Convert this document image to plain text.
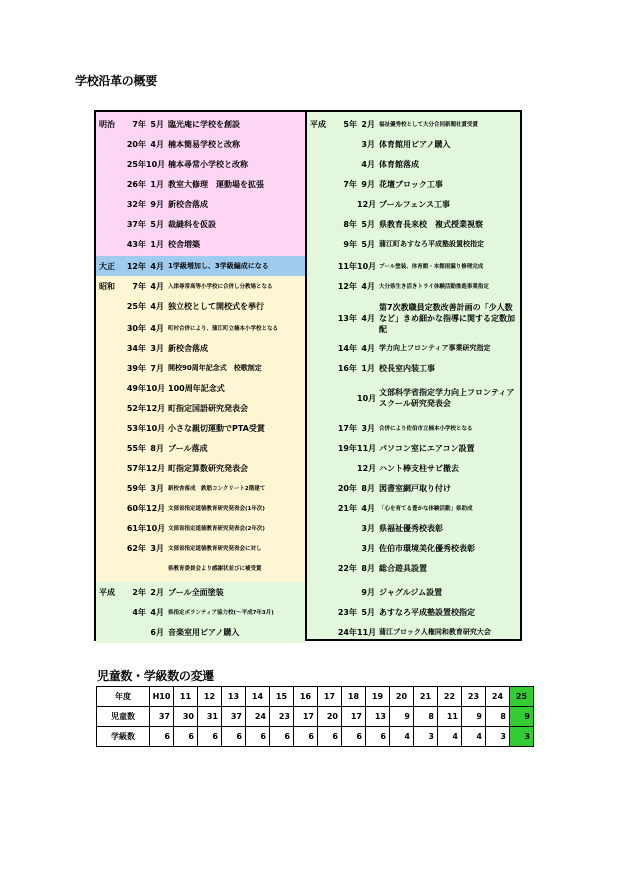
学校沿革の概要
明治	7年 5月 臨光庵に学校を創設
20年 4月 楠本簡易学校と改称
25年 10月 楠本尋常小学校と改称
26年 1月 教室大修理　運動場を拡張
32年 9月 新校舎落成
37年 5月 裁縫科を仮設
43年 1月 校舎増築
大正	12年 4月 1学級増加し、3学級編成になる
昭和	7年 4月 入津尋常高等小学校に合併し分教場となる
25年 4月 独立校として開校式を挙行
30年 4月 町村合併により、蒲江町立楠本小学校となる
34年 3月 新校舎落成
39年 7月 開校90周年記念式　校歌制定
49年 10月 100周年記念式
52年 12月 町指定国語研究発表会
53年 10月 小さな親切運動でPTA受賞
55年 8月 プール落成
57年 12月 町指定算数研究発表会
59年 3月 新校舎落成　鉄筋コンクリート2階建て
60年 12月 文部省指定道徳教育研究発表会(1年次)
61年 10月 文部省指定道徳教育研究発表会(2年次)
62年 3月 文部省指定道徳教育研究発表会に対し
県教育委員会より感謝状並びに補受賞
平成	2年 2月 プール全面塗装
4年 4月 県指定ボランティア協力校(～平成7年3月)
6月 音楽室用ピアノ購入
平成	5年 2月 福祉優秀校として大分合同新聞社賞受賞
3月 体育館用ピアノ購入
4月 体育館落成
7年 9月 花壇ブロック工事
12月 プールフェンス工事
8年 5月 県教育長来校　複式授業視察
9年 5月 蒲江町あすなろ平成塾設置校指定
11年 10月 プール塗装、体育館・本館雨漏り修理完成
12年 4月 大分県生き活きトライ体験活動推進事業指定
13年 4月
第7次教職員定数改善計画の「少人数など」きめ細かな指導に関する定数加配
14年 4月 学力向上フロンティア事業研究指定
16年 1月 校長室内装工事
10月
文部科学省指定学力向上フロンティアスクール研究発表会
17年 3月 合併により佐伯市立楠本小学校となる
19年 11月 パソコン室にエアコン設置
12月 ハント棒支柱サビ撤去
20年 8月 図書室網戸取り付け
21年 4月 「心を育てる豊かな体験活動」県助成
3月 県福祉優秀校表彰
3月 佐伯市環境美化優秀校表彰
22年 8月 総合遊具設置
9月 ジャグルジム設置
23年 5月 あすなろ平成塾設置校指定
24年 11月 蒲江ブロック人権同和教育研究大会
児童数・学級数の変遷
年度	H10	11	12	13	14	15	16	17	18	19	20	21	22	23	24	25
児童数	37	30	31	37	24	23	17	20	17	13	9	8	11	9	8	9
学級数	6	6	6	6	6	6	6	6	6	6	4	3	4	4	3	3
